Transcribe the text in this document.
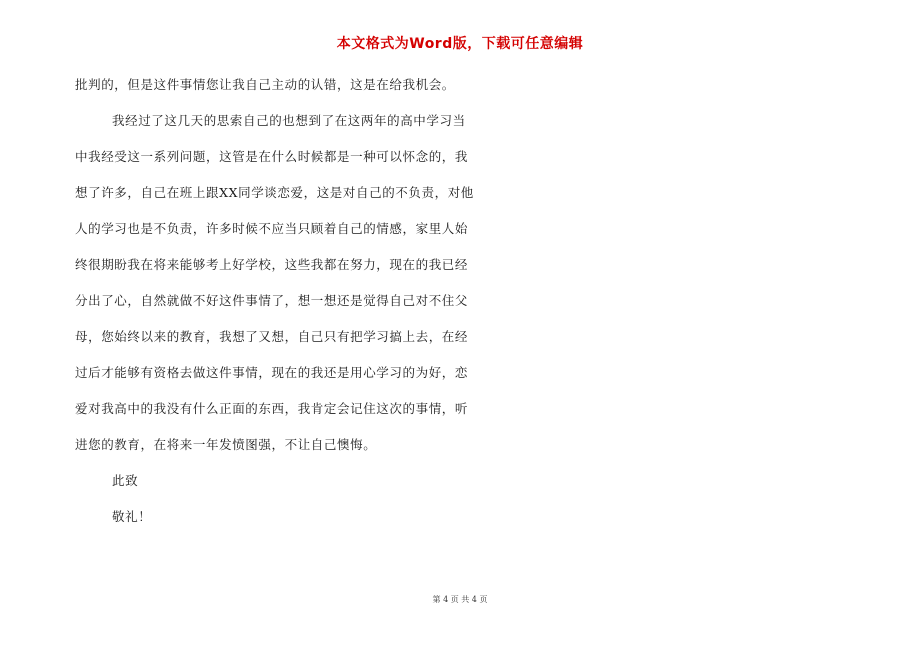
本文格式为Word版，下载可任意编辑
批判的，但是这件事情您让我自己主动的认错，这是在给我机会。
我经过了这几天的思索自己的也想到了在这两年的高中学习当
中我经受这一系列问题，这管是在什么时候都是一种可以怀念的，我
想了许多，自己在班上跟XX同学谈恋爱，这是对自己的不负责，对他
人的学习也是不负责，许多时候不应当只顾着自己的情感，家里人始
终很期盼我在将来能够考上好学校，这些我都在努力，现在的我已经
分出了心，自然就做不好这件事情了，想一想还是觉得自己对不住父
母，您始终以来的教育，我想了又想，自己只有把学习搞上去，在经
过后才能够有资格去做这件事情，现在的我还是用心学习的为好，恋
爱对我高中的我没有什么正面的东西，我肯定会记住这次的事情，听
进您的教育，在将来一年发愤图强，不让自己懊悔。
此致
敬礼！
第 4 页 共 4 页
